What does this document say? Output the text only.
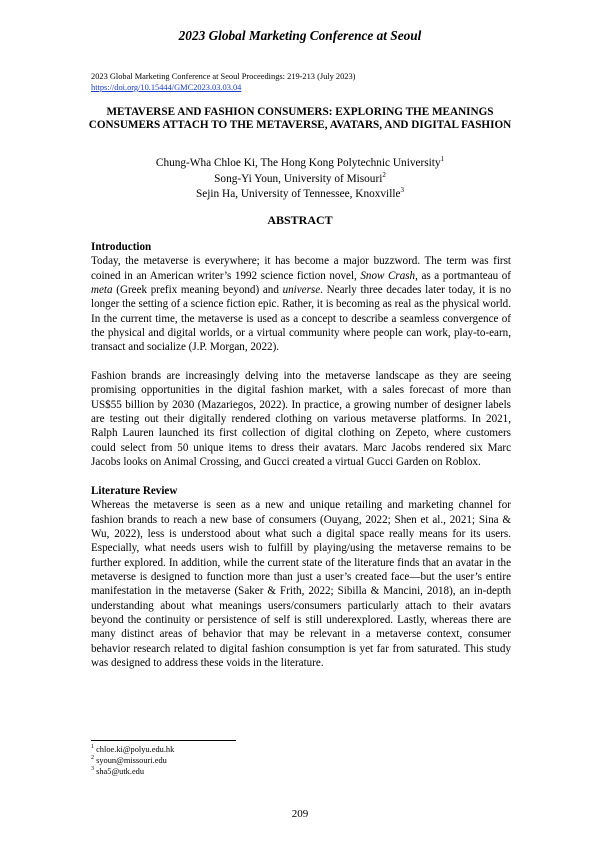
2023 Global Marketing Conference at Seoul
2023 Global Marketing Conference at Seoul Proceedings: 219-213 (July 2023)
https://doi.org/10.15444/GMC2023.03.03.04
METAVERSE AND FASHION CONSUMERS: EXPLORING THE MEANINGS CONSUMERS ATTACH TO THE METAVERSE, AVATARS, AND DIGITAL FASHION
Chung-Wha Chloe Ki, The Hong Kong Polytechnic University$^1$
Song-Yi Youn, University of Misouri$^2$
Sejin Ha, University of Tennessee, Knoxville$^3$
ABSTRACT
Introduction

Today, the metaverse is everywhere; it has become a major buzzword. The term was first coined in an American writer’s 1992 science fiction novel, Snow Crash, as a portmanteau of meta (Greek prefix meaning beyond) and universe. Nearly three decades later today, it is no longer the setting of a science fiction epic. Rather, it is becoming as real as the physical world. In the current time, the metaverse is used as a concept to describe a seamless convergence of the physical and digital worlds, or a virtual community where people can work, play-to-earn, transact and socialize (J.P. Morgan, 2022).

Fashion brands are increasingly delving into the metaverse landscape as they are seeing promising opportunities in the digital fashion market, with a sales forecast of more than US$55 billion by 2030 (Mazariegos, 2022). In practice, a growing number of designer labels are testing out their digitally rendered clothing on various metaverse platforms. In 2021, Ralph Lauren launched its first collection of digital clothing on Zepeto, where customers could select from 50 unique items to dress their avatars. Marc Jacobs rendered six Marc Jacobs looks on Animal Crossing, and Gucci created a virtual Gucci Garden on Roblox.

Literature Review

Whereas the metaverse is seen as a new and unique retailing and marketing channel for fashion brands to reach a new base of consumers (Ouyang, 2022; Shen et al., 2021; Sina & Wu, 2022), less is understood about what such a digital space really means for its users. Especially, what needs users wish to fulfill by playing/using the metaverse remains to be further explored. In addition, while the current state of the literature finds that an avatar in the metaverse is designed to function more than just a user’s created face—but the user’s entire manifestation in the metaverse (Saker & Frith, 2022; Sibilla & Mancini, 2018), an in-depth understanding about what meanings users/consumers particularly attach to their avatars beyond the continuity or persistence of self is still underexplored. Lastly, whereas there are many distinct areas of behavior that may be relevant in a metaverse context, consumer behavior research related to digital fashion consumption is yet far from saturated. This study was designed to address these voids in the literature.

$^1$ chloe.ki@polyu.edu.hk
$^2$ syoun@missouri.edu
$^3$ sha5@utk.edu
209
